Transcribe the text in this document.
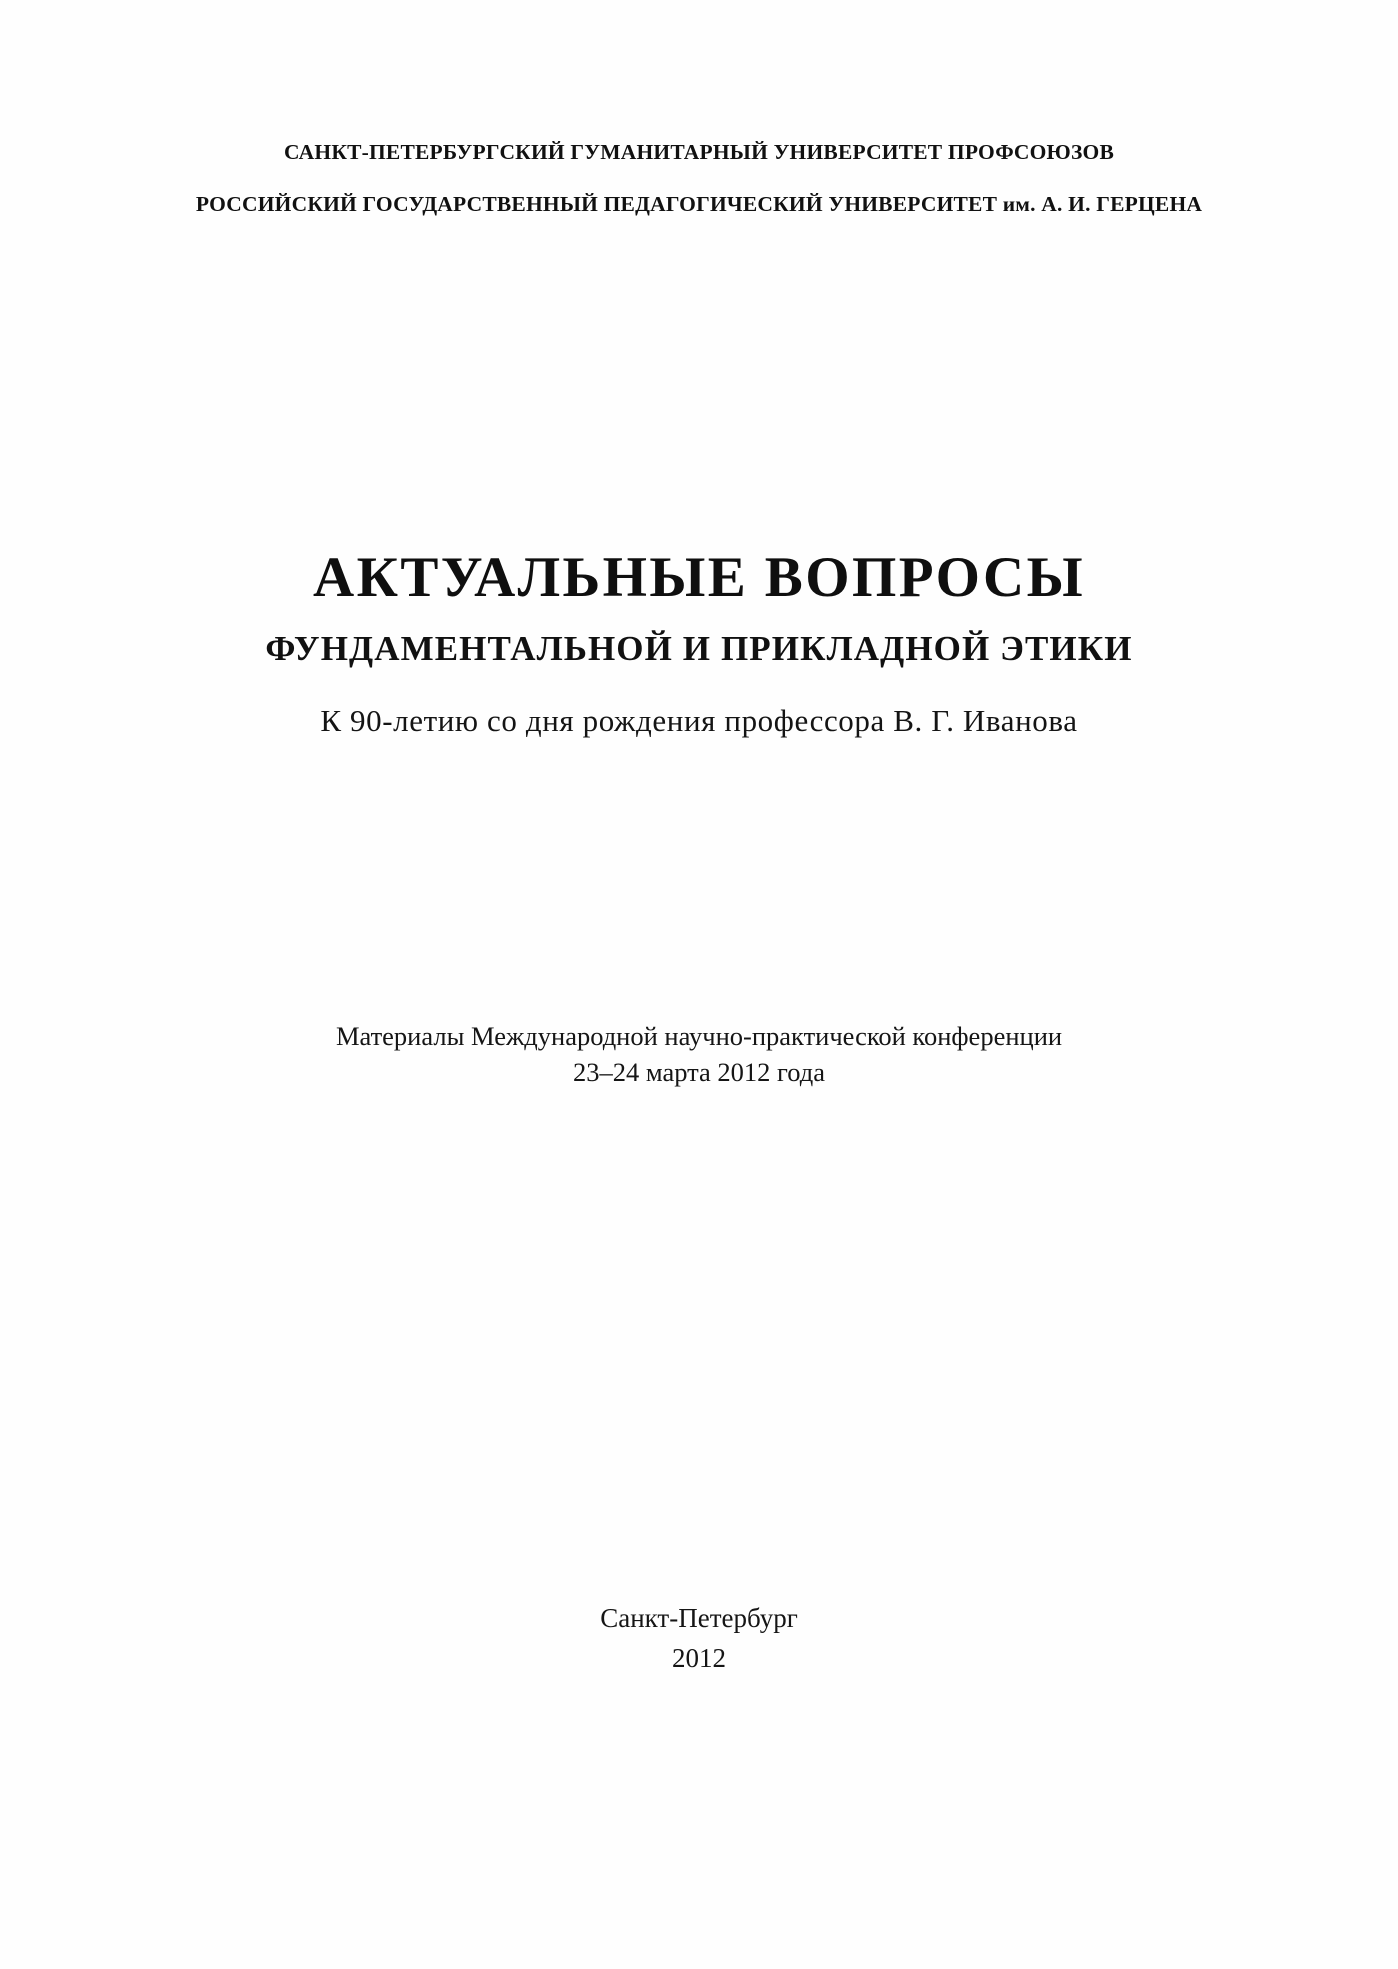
САНКТ-ПЕТЕРБУРГСКИЙ ГУМАНИТАРНЫЙ УНИВЕРСИТЕТ ПРОФСОЮЗОВ
РОССИЙСКИЙ ГОСУДАРСТВЕННЫЙ ПЕДАГОГИЧЕСКИЙ УНИВЕРСИТЕТ им. А. И. ГЕРЦЕНА
АКТУАЛЬНЫЕ ВОПРОСЫ
ФУНДАМЕНТАЛЬНОЙ И ПРИКЛАДНОЙ ЭТИКИ
К 90-летию со дня рождения профессора В. Г. Иванова
Материалы Международной научно-практической конференции
23–24 марта 2012 года
Санкт-Петербург
2012
